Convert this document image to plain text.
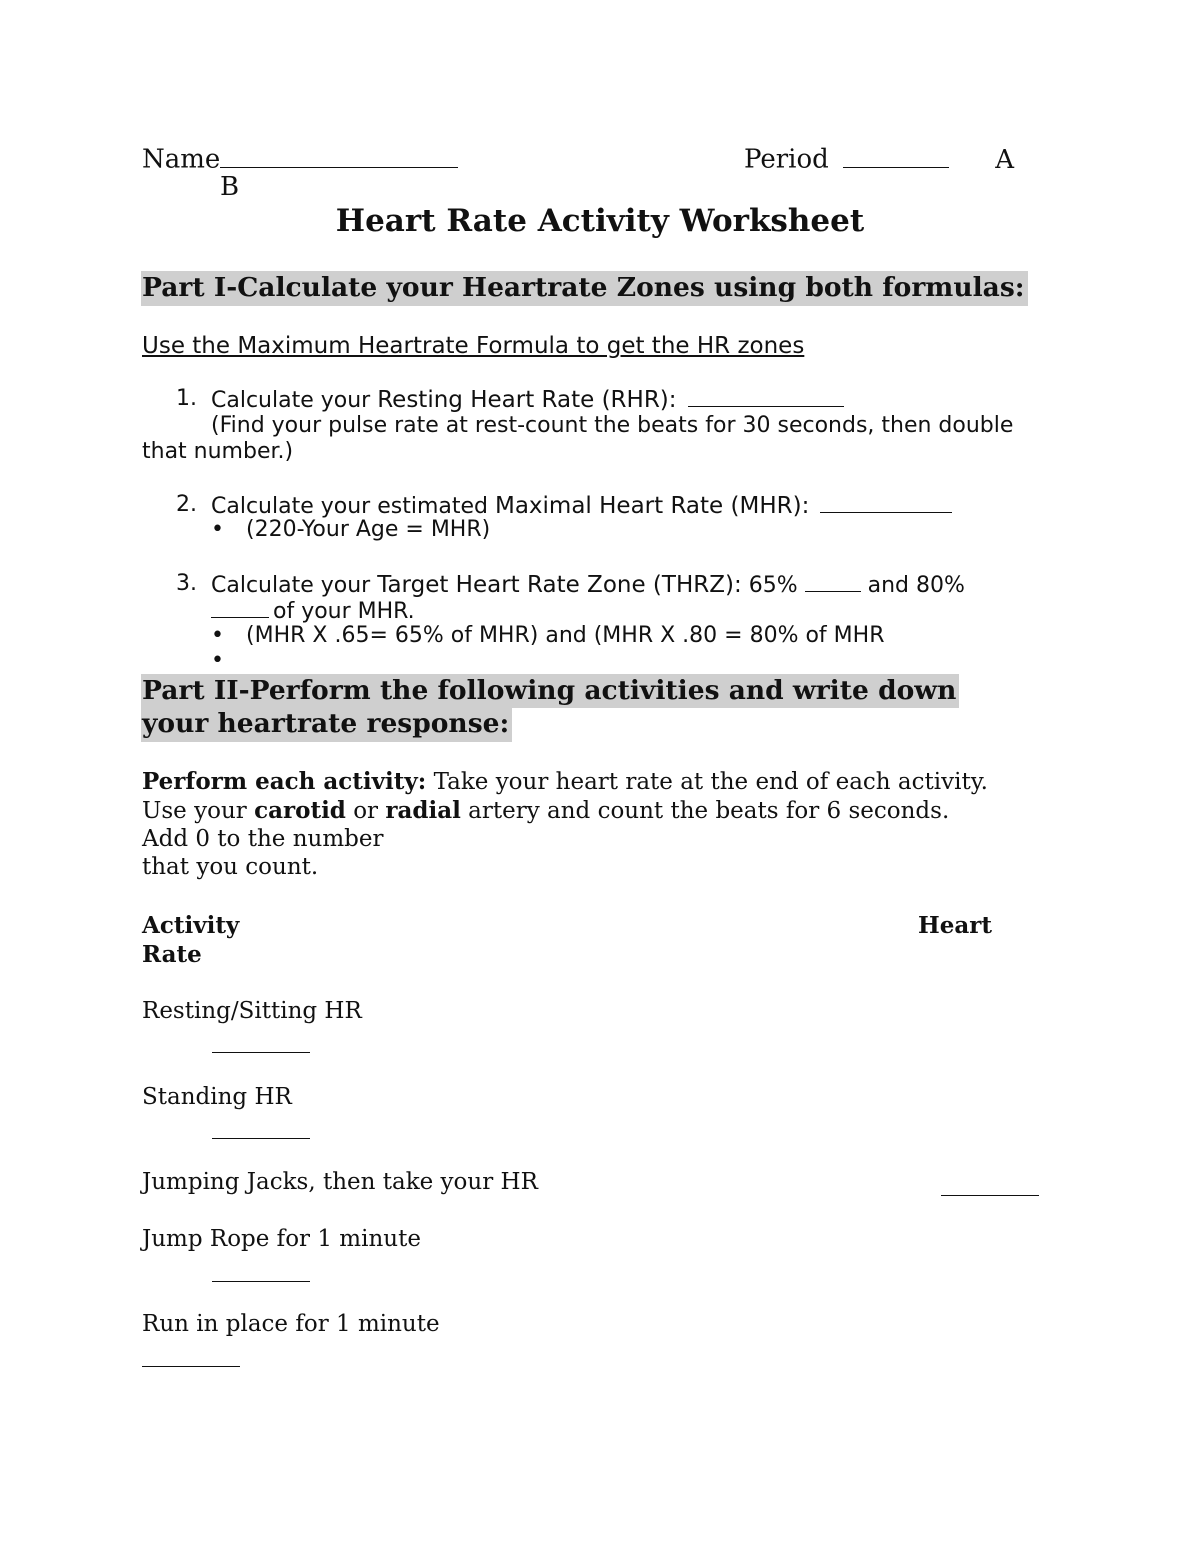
Name	Period	A
B
Heart Rate Activity Worksheet
Part I-Calculate your Heartrate Zones using both formulas:
Use the Maximum Heartrate Formula to get the HR zones
1. Calculate your Resting Heart Rate (RHR):
(Find your pulse rate at rest-count the beats for 30 seconds, then double
that number.)
2. Calculate your estimated Maximal Heart Rate (MHR):
• (220-Your Age = MHR)
3. Calculate your Target Heart Rate Zone (THRZ): 65%	and 80%
of your MHR.
• (MHR X .65= 65% of MHR) and (MHR X .80 = 80% of MHR
•
Part II-Perform the following activities and write down
your heartrate response:
Perform each activity: Take your heart rate at the end of each activity.
Use your carotid or radial artery and count the beats for 6 seconds.
Add 0 to the number
that you count.
Activity	Heart
Rate
Resting/Sitting HR
Standing HR
Jumping Jacks, then take your HR
Jump Rope for 1 minute
Run in place for 1 minute
